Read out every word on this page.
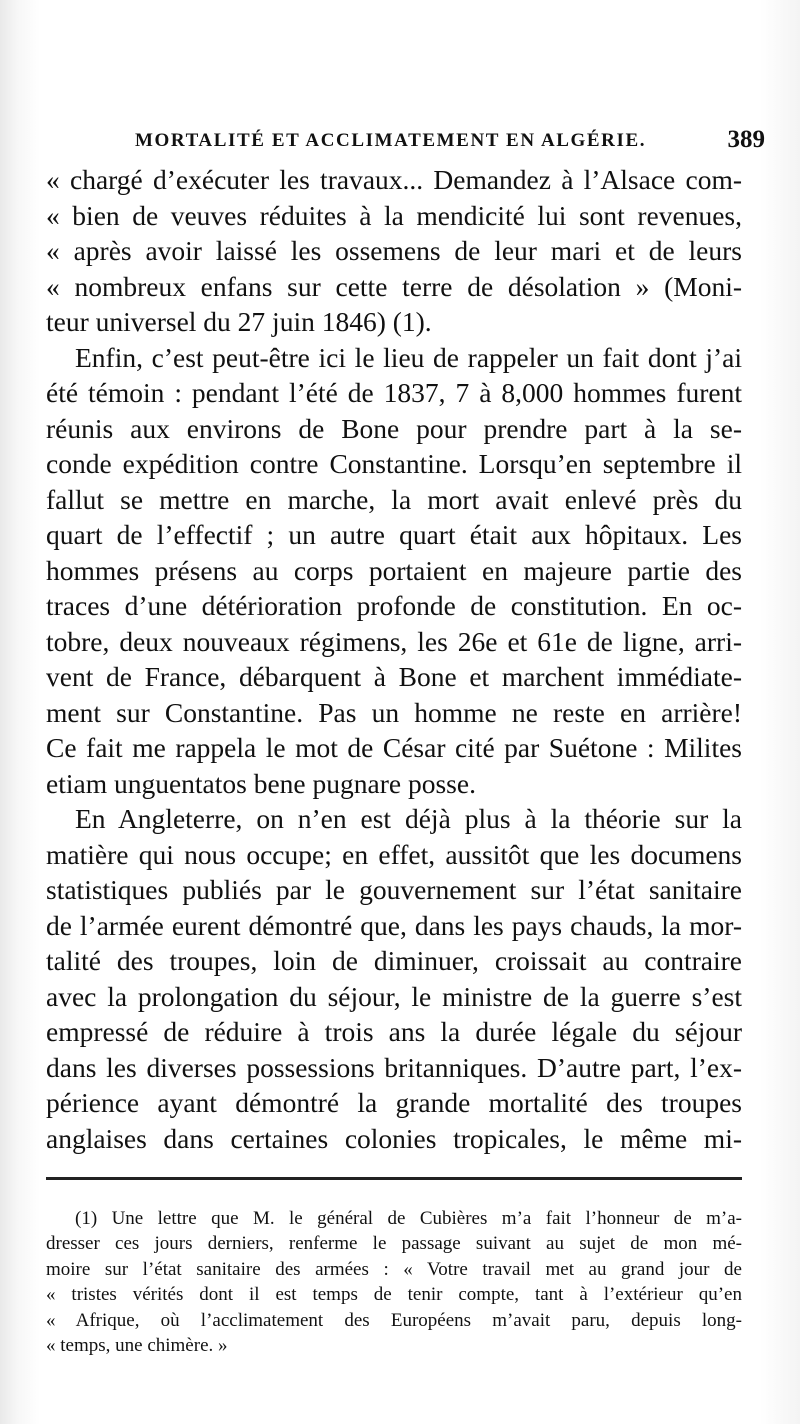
MORTALITÉ ET ACCLIMATEMENT EN ALGÉRIE.	389
« chargé d’exécuter les travaux... Demandez à l’Alsace com-
« bien de veuves réduites à la mendicité lui sont revenues,
« après avoir laissé les ossemens de leur mari et de leurs
« nombreux enfans sur cette terre de désolation » (Moni-
teur universel du 27 juin 1846) (1).
Enfin, c’est peut-être ici le lieu de rappeler un fait dont j’ai
été témoin : pendant l’été de 1837, 7 à 8,000 hommes furent
réunis aux environs de Bone pour prendre part à la se-
conde expédition contre Constantine. Lorsqu’en septembre il
fallut se mettre en marche, la mort avait enlevé près du
quart de l’effectif ; un autre quart était aux hôpitaux. Les
hommes présens au corps portaient en majeure partie des
traces d’une détérioration profonde de constitution. En oc-
tobre, deux nouveaux régimens, les 26e et 61e de ligne, arri-
vent de France, débarquent à Bone et marchent immédiate-
ment sur Constantine. Pas un homme ne reste en arrière!
Ce fait me rappela le mot de César cité par Suétone : Milites
etiam unguentatos bene pugnare posse.
En Angleterre, on n’en est déjà plus à la théorie sur la
matière qui nous occupe; en effet, aussitôt que les documens
statistiques publiés par le gouvernement sur l’état sanitaire
de l’armée eurent démontré que, dans les pays chauds, la mor-
talité des troupes, loin de diminuer, croissait au contraire
avec la prolongation du séjour, le ministre de la guerre s’est
empressé de réduire à trois ans la durée légale du séjour
dans les diverses possessions britanniques. D’autre part, l’ex-
périence ayant démontré la grande mortalité des troupes
anglaises dans certaines colonies tropicales, le même mi-
(1) Une lettre que M. le général de Cubières m’a fait l’honneur de m’a-
dresser ces jours derniers, renferme le passage suivant au sujet de mon mé-
moire sur l’état sanitaire des armées : « Votre travail met au grand jour de
« tristes vérités dont il est temps de tenir compte, tant à l’extérieur qu’en
« Afrique, où l’acclimatement des Européens m’avait paru, depuis long-
« temps, une chimère. »
